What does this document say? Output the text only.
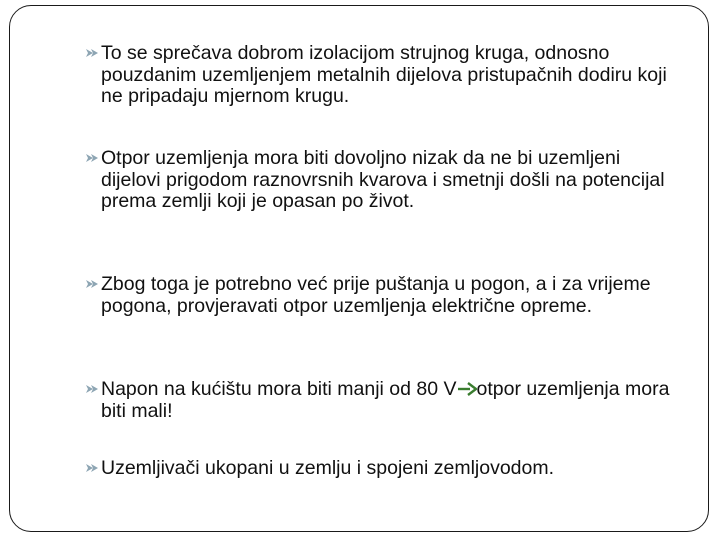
To se sprečava dobrom izolacijom strujnog kruga, odnosno pouzdanim uzemljenjem metalnih dijelova pristupačnih dodiru koji ne pripadaju mjernom krugu.
Otpor uzemljenja mora biti dovoljno nizak da ne bi uzemljeni dijelovi prigodom raznovrsnih kvarova i smetnji došli na potencijal prema zemlji koji je opasan po život.
Zbog toga je potrebno već prije puštanja u pogon, a i za vrijeme pogona, provjeravati otpor uzemljenja električne opreme.
Napon na kućištu mora biti manji od 80 V otpor uzemljenja mora biti mali!
Uzemljivači ukopani u zemlju i spojeni zemljovodom.
